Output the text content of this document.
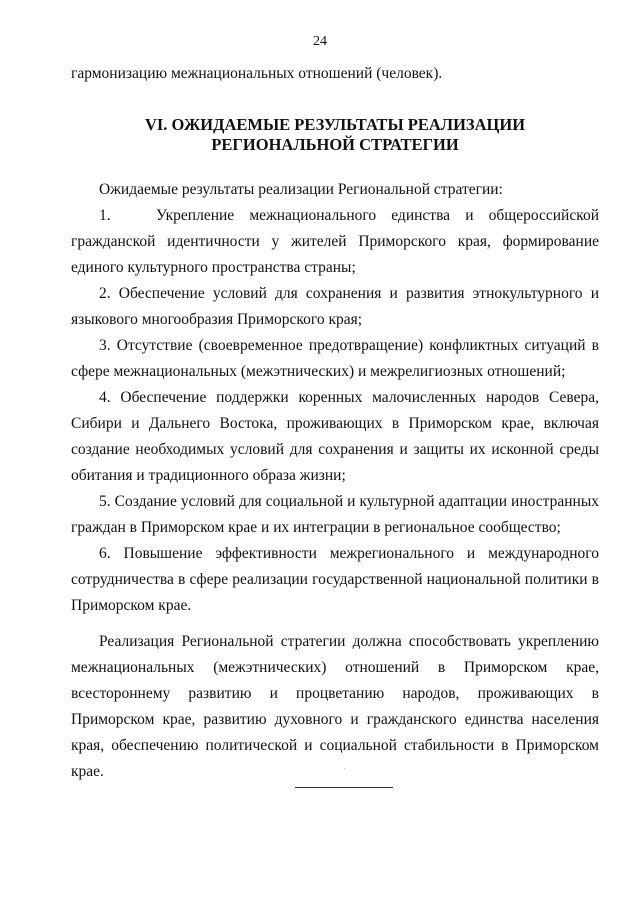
24

гармонизацию межнациональных отношений (человек).

VI. ОЖИДАЕМЫЕ РЕЗУЛЬТАТЫ РЕАЛИЗАЦИИ
РЕГИОНАЛЬНОЙ СТРАТЕГИИ

Ожидаемые результаты реализации Региональной стратегии:

1.   Укрепление межнационального единства и общероссийской гражданской идентичности у жителей Приморского края, формирование единого культурного пространства страны;

2. Обеспечение условий для сохранения и развития этнокультурного и языкового многообразия Приморского края;

3. Отсутствие (своевременное предотвращение) конфликтных ситуаций в сфере межнациональных (межэтнических) и межрелигиозных отношений;

4. Обеспечение поддержки коренных малочисленных народов Севера, Сибири и Дальнего Востока, проживающих в Приморском крае, включая создание необходимых условий для сохранения и защиты их исконной среды обитания и традиционного образа жизни;

5. Создание условий для социальной и культурной адаптации иностранных граждан в Приморском крае и их интеграции в региональное сообщество;

6. Повышение эффективности межрегионального и международного сотрудничества в сфере реализации государственной национальной политики в Приморском крае.

Реализация Региональной стратегии должна способствовать укреплению межнациональных (межэтнических) отношений в Приморском крае, всестороннему развитию и процветанию народов, проживающих в Приморском крае, развитию духовного и гражданского единства населения края, обеспечению политической и социальной стабильности в Приморском крае.
